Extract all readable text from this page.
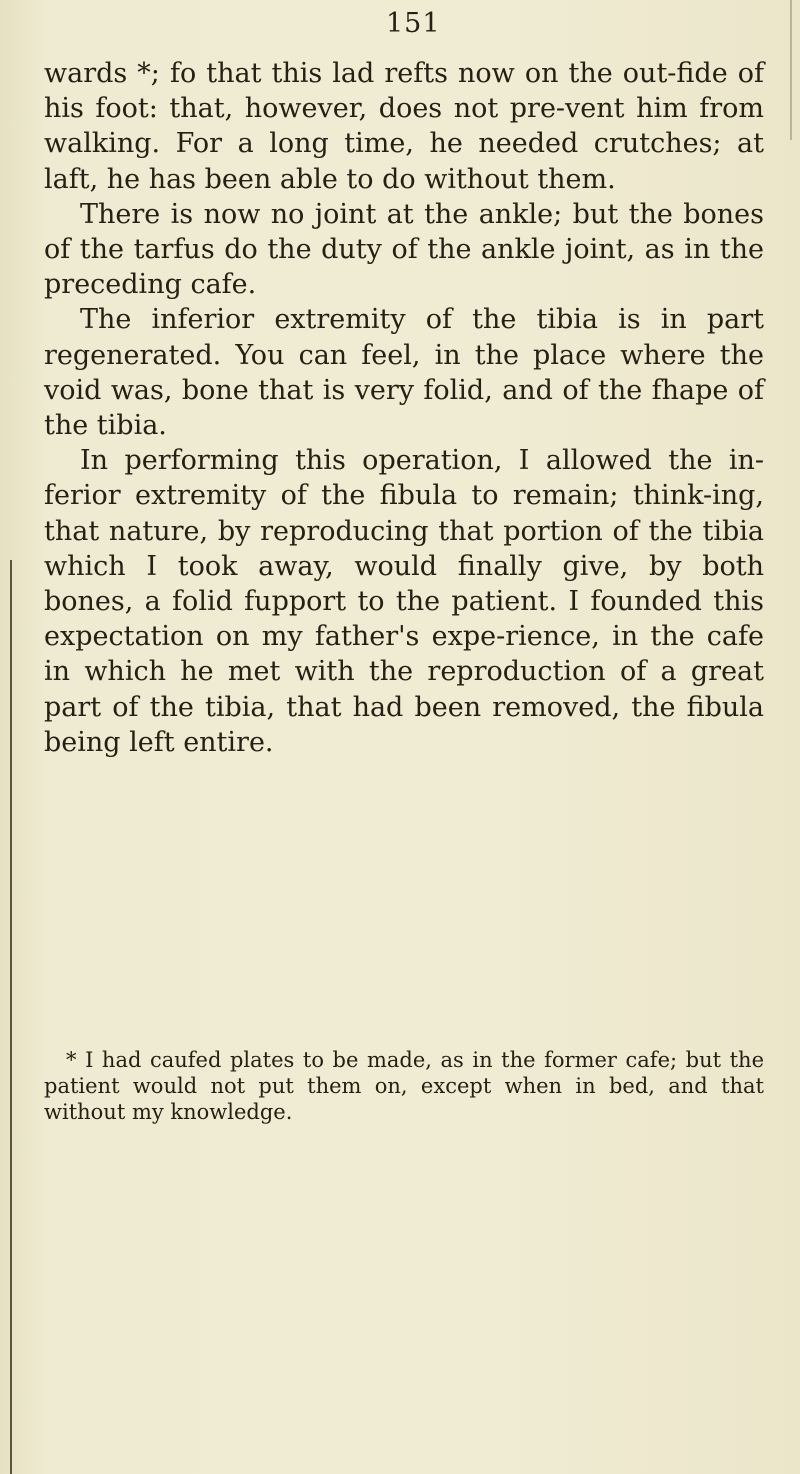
151

wards *; fo that this lad refts now on the out-fide of his foot: that, however, does not pre-vent him from walking. For a long time, he needed crutches; at laft, he has been able to do without them.

There is now no joint at the ankle; but the bones of the tarfus do the duty of the ankle joint, as in the preceding cafe.

The inferior extremity of the tibia is in part regenerated. You can feel, in the place where the void was, bone that is very folid, and of the fhape of the tibia.

In performing this operation, I allowed the in-ferior extremity of the fibula to remain; think-ing, that nature, by reproducing that portion of the tibia which I took away, would finally give, by both bones, a folid fupport to the patient. I founded this expectation on my father's expe-rience, in the cafe in which he met with the reproduction of a great part of the tibia, that had been removed, the fibula being left entire.

* I had caufed plates to be made, as in the former cafe; but the patient would not put them on, except when in bed, and that without my knowledge.
